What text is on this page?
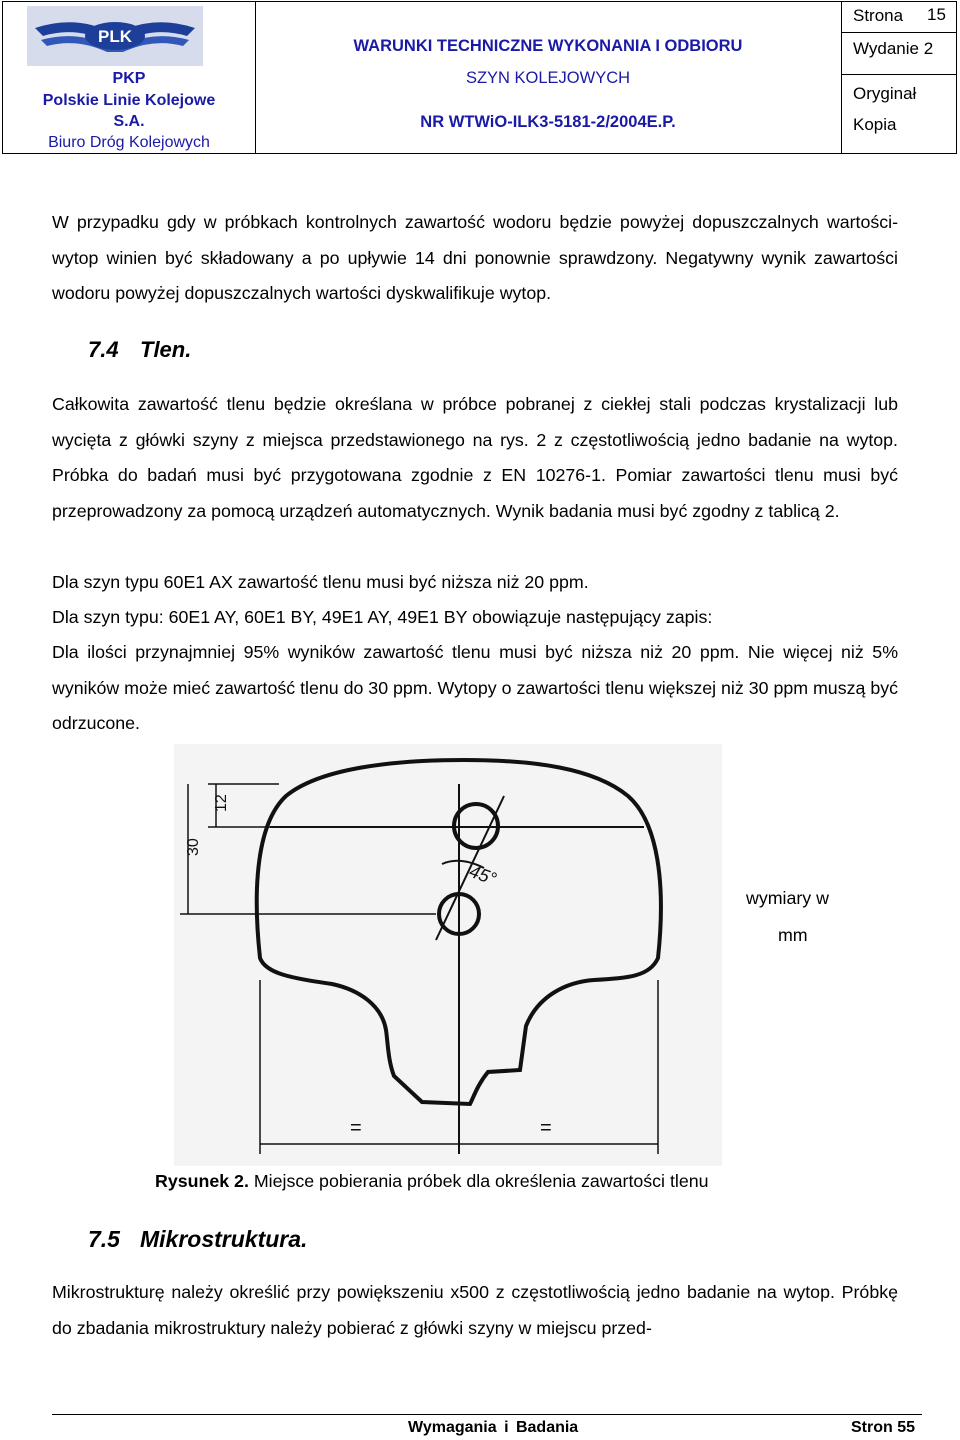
PLK
PKP
Polskie Linie Kolejowe
S.A.
Biuro Dróg Kolejowych
WARUNKI TECHNICZNE WYKONANIA I ODBIORU
SZYN KOLEJOWYCH
NR WTWiO-ILK3-5181-2/2004E.P.
Strona 15
Wydanie 2
Oryginał
Kopia

W przypadku gdy w próbkach kontrolnych zawartość wodoru będzie powyżej dopuszczalnych wartości- wytop winien być składowany a po upływie 14 dni ponownie sprawdzony. Negatywny wynik zawartości wodoru powyżej dopuszczalnych wartości dyskwalifikuje wytop.

7.4 Tlen.

Całkowita zawartość tlenu będzie określana w próbce pobranej z ciekłej stali podczas krystalizacji lub wycięta z główki szyny z miejsca przedstawionego na rys. 2 z częstotliwością jedno badanie na wytop. Próbka do badań musi być przygotowana zgodnie z EN 10276-1. Pomiar zawartości tlenu musi być przeprowadzony za pomocą urządzeń automatycznych. Wynik badania musi być zgodny z tablicą 2.

Dla szyn typu 60E1 AX zawartość tlenu musi być niższa niż 20 ppm.
Dla szyn typu: 60E1 AY, 60E1 BY, 49E1 AY, 49E1 BY obowiązuje następujący zapis:

Dla ilości przynajmniej 95% wyników zawartość tlenu musi być niższa niż 20 ppm. Nie więcej niż 5% wyników może mieć zawartość tlenu do 30 ppm. Wytopy o zawartości tlenu większej niż 30 ppm muszą być odrzucone.

45°
12
30
=	=
wymiary w
mm
Rysunek 2. Miejsce pobierania próbek dla określenia zawartości tlenu
7.5 Mikrostruktura.

Mikrostrukturę należy określić przy powiększeniu x500 z częstotliwością jedno badanie na wytop. Próbkę do zbadania mikrostruktury należy pobierać z główki szyny w miejscu przed-

Wymagania i Badania	Stron 55
